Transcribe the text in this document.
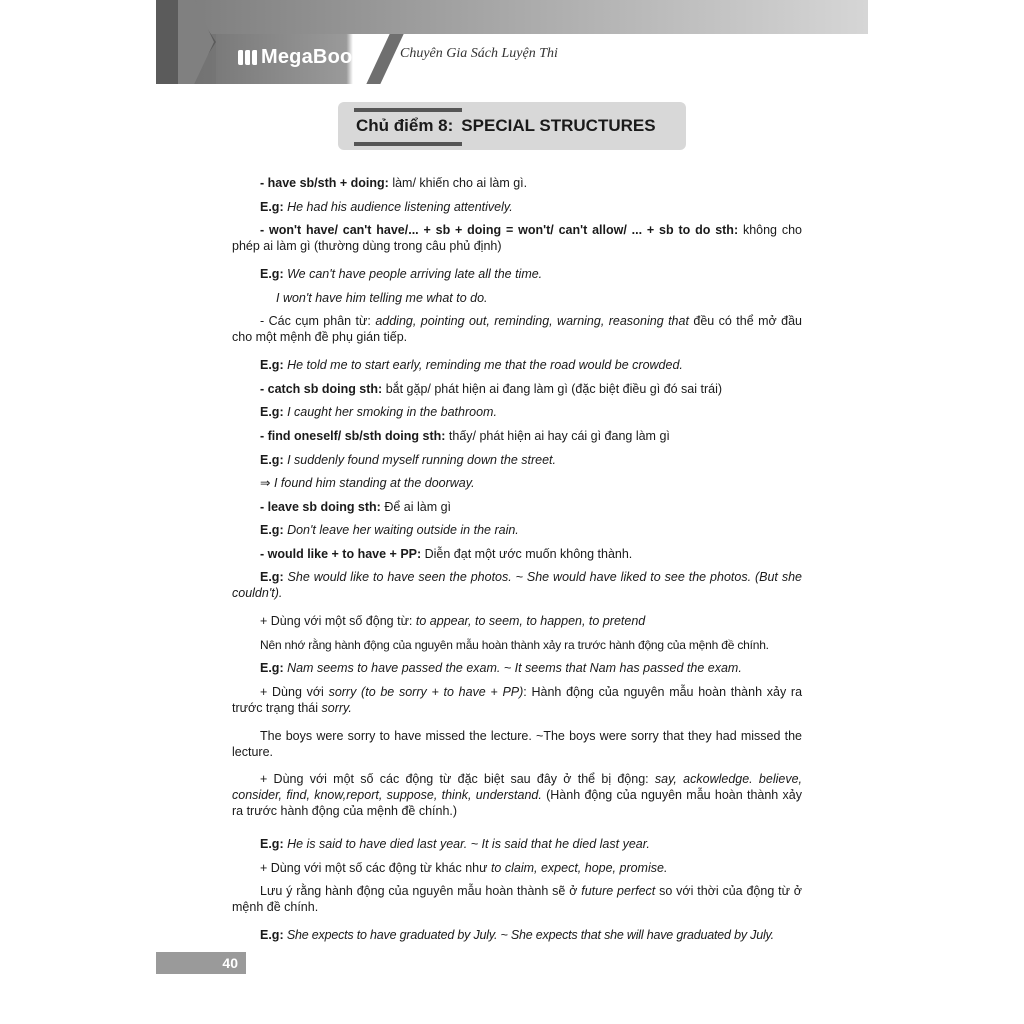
MegaBook	Chuyên Gia Sách Luyện Thi
Chủ điểm 8: SPECIAL STRUCTURES
- have sb/sth + doing: làm/ khiến cho ai làm gì.
E.g: He had his audience listening attentively.
- won't have/ can't have/... + sb + doing = won't/ can't allow/ ... + sb to do sth: không cho phép ai làm gì (thường dùng trong câu phủ định)
E.g: We can't have people arriving late all the time.
I won't have him telling me what to do.
- Các cụm phân từ: adding, pointing out, reminding, warning, reasoning that đều có thể mở đầu cho một mệnh đề phụ gián tiếp.
E.g: He told me to start early, reminding me that the road would be crowded.
- catch sb doing sth: bắt gặp/ phát hiện ai đang làm gì (đặc biệt điều gì đó sai trái)
E.g: I caught her smoking in the bathroom.
- find oneself/ sb/sth doing sth: thấy/ phát hiện ai hay cái gì đang làm gì
E.g: I suddenly found myself running down the street.
⇒ I found him standing at the doorway.
- leave sb doing sth: Để ai làm gì
E.g: Don't leave her waiting outside in the rain.
- would like + to have + PP: Diễn đạt một ước muốn không thành.
E.g: She would like to have seen the photos. ~ She would have liked to see the photos. (But she couldn't).
+ Dùng với một số động từ: to appear, to seem, to happen, to pretend
Nên nhớ rằng hành động của nguyên mẫu hoàn thành xảy ra trước hành động của mệnh đề chính.
E.g: Nam seems to have passed the exam. ~ It seems that Nam has passed the exam.
+ Dùng với sorry (to be sorry + to have + PP): Hành động của nguyên mẫu hoàn thành xảy ra trước trạng thái sorry.
The boys were sorry to have missed the lecture. ~The boys were sorry that they had missed the lecture.
+ Dùng với một số các động từ đặc biệt sau đây ở thể bị động: say, ackowledge. believe, consider, find, know,report, suppose, think, understand. (Hành động của nguyên mẫu hoàn thành xảy ra trước hành động của mệnh đề chính.)
E.g: He is said to have died last year. ~ It is said that he died last year.
+ Dùng với một số các động từ khác như to claim, expect, hope, promise.
Lưu ý rằng hành động của nguyên mẫu hoàn thành sẽ ở future perfect so với thời của động từ ở mệnh đề chính.
E.g: She expects to have graduated by July. ~ She expects that she will have graduated by July.
40
